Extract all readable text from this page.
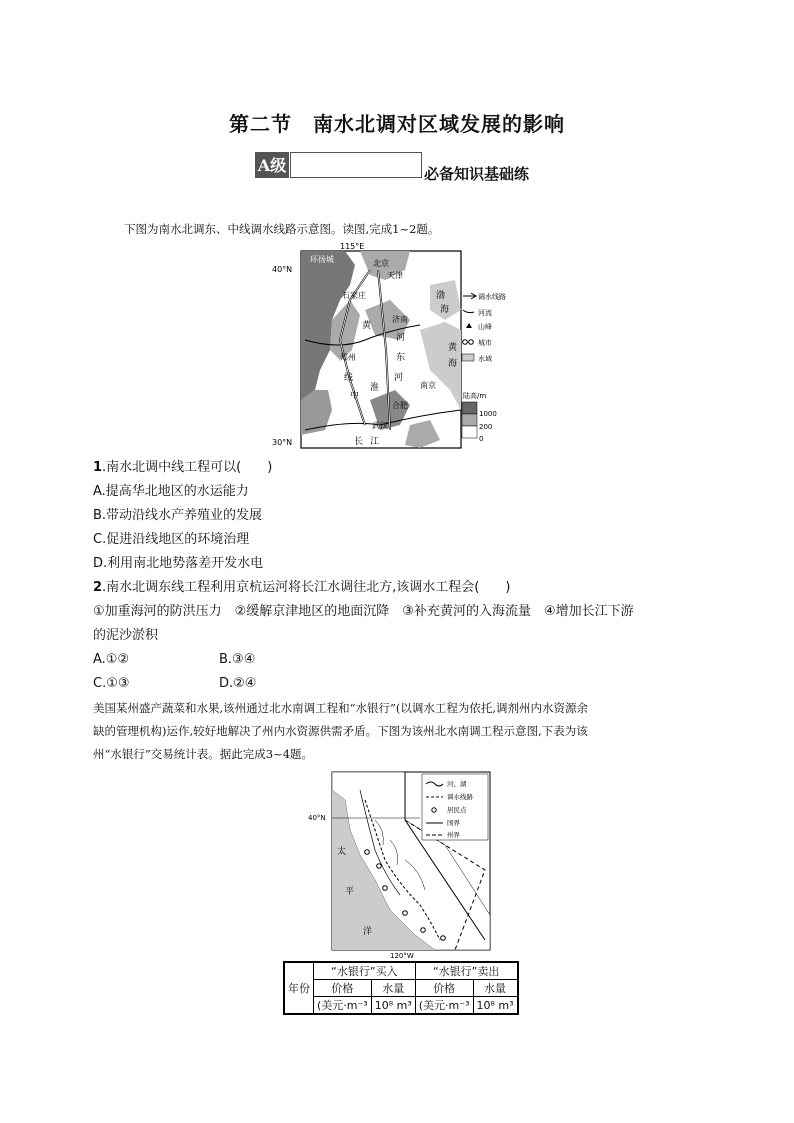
第二节　南水北调对区域发展的影响
A级	必备知识基础练
下图为南水北调东、中线调水线路示意图。读图,完成1~2题。
115°E
40°N
30°N
环扬城	北京
天津
石家庄	渤
海
济南
黄
河
郑州
线
东
中
淮
河
南京
合肥
武汉
长 江
黄
海
调水线路
河流
山峰
城市
水域
陆高/m
1000
200
0
1.南水北调中线工程可以(　　)
A.提高华北地区的水运能力
B.带动沿线水产养殖业的发展
C.促进沿线地区的环境治理
D.利用南北地势落差开发水电
2.南水北调东线工程利用京杭运河将长江水调往北方,该调水工程会(　　)
①加重海河的防洪压力　②缓解京津地区的地面沉降　③补充黄河的入海流量　④增加长江下游
的泥沙淤积
A.①②	B.③④
C.①③	D.②④
美国某州盛产蔬菜和水果,该州通过北水南调工程和“水银行”(以调水工程为依托,调剂州内水资源余
缺的管理机构)运作,较好地解决了州内水资源供需矛盾。下图为该州北水南调工程示意图,下表为该
州“水银行”交易统计表。据此完成3~4题。
河、湖
调水线路
居民点
国界
州界
40°N
120°W
太
平
洋
年份	“水银行”买入		“水银行”卖出	
	价格	水量	价格	水量
	(美元·m⁻³	10⁸ m³	(美元·m⁻³	10⁸ m³
